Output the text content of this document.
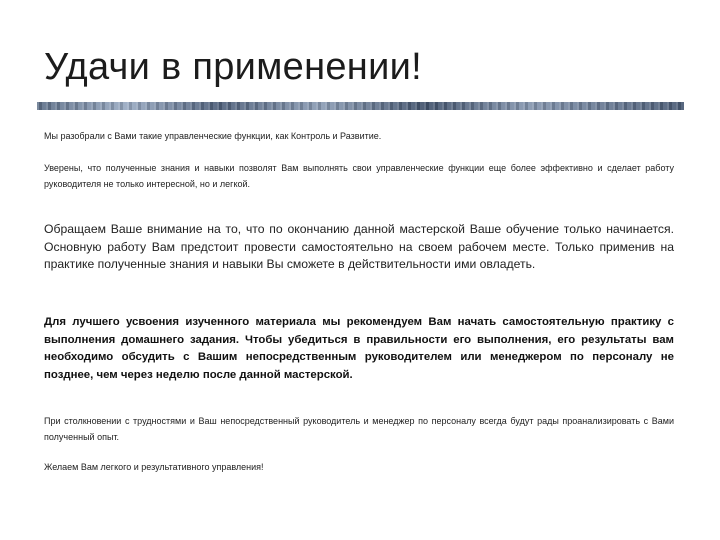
Удачи в применении!

Мы разобрали с Вами такие управленческие функции, как Контроль и Развитие.

Уверены, что полученные знания и навыки позволят Вам выполнять свои управленческие функции еще более эффективно и сделает работу руководителя не только интересной, но и легкой.

Обращаем Ваше внимание на то, что по окончанию данной мастерской Ваше обучение только начинается. Основную работу Вам предстоит провести самостоятельно на своем рабочем месте. Только применив на практике полученные знания и навыки Вы сможете в действительности ими овладеть.

Для лучшего усвоения изученного материала мы рекомендуем Вам начать самостоятельную практику с выполнения домашнего задания. Чтобы убедиться в правильности его выполнения, его результаты вам необходимо обсудить с Вашим непосредственным руководителем или менеджером по персоналу не позднее, чем через неделю после данной мастерской.

При столкновении с трудностями и Ваш непосредственный руководитель и менеджер по персоналу всегда будут рады проанализировать с Вами полученный опыт.

Желаем Вам легкого и результативного управления!
